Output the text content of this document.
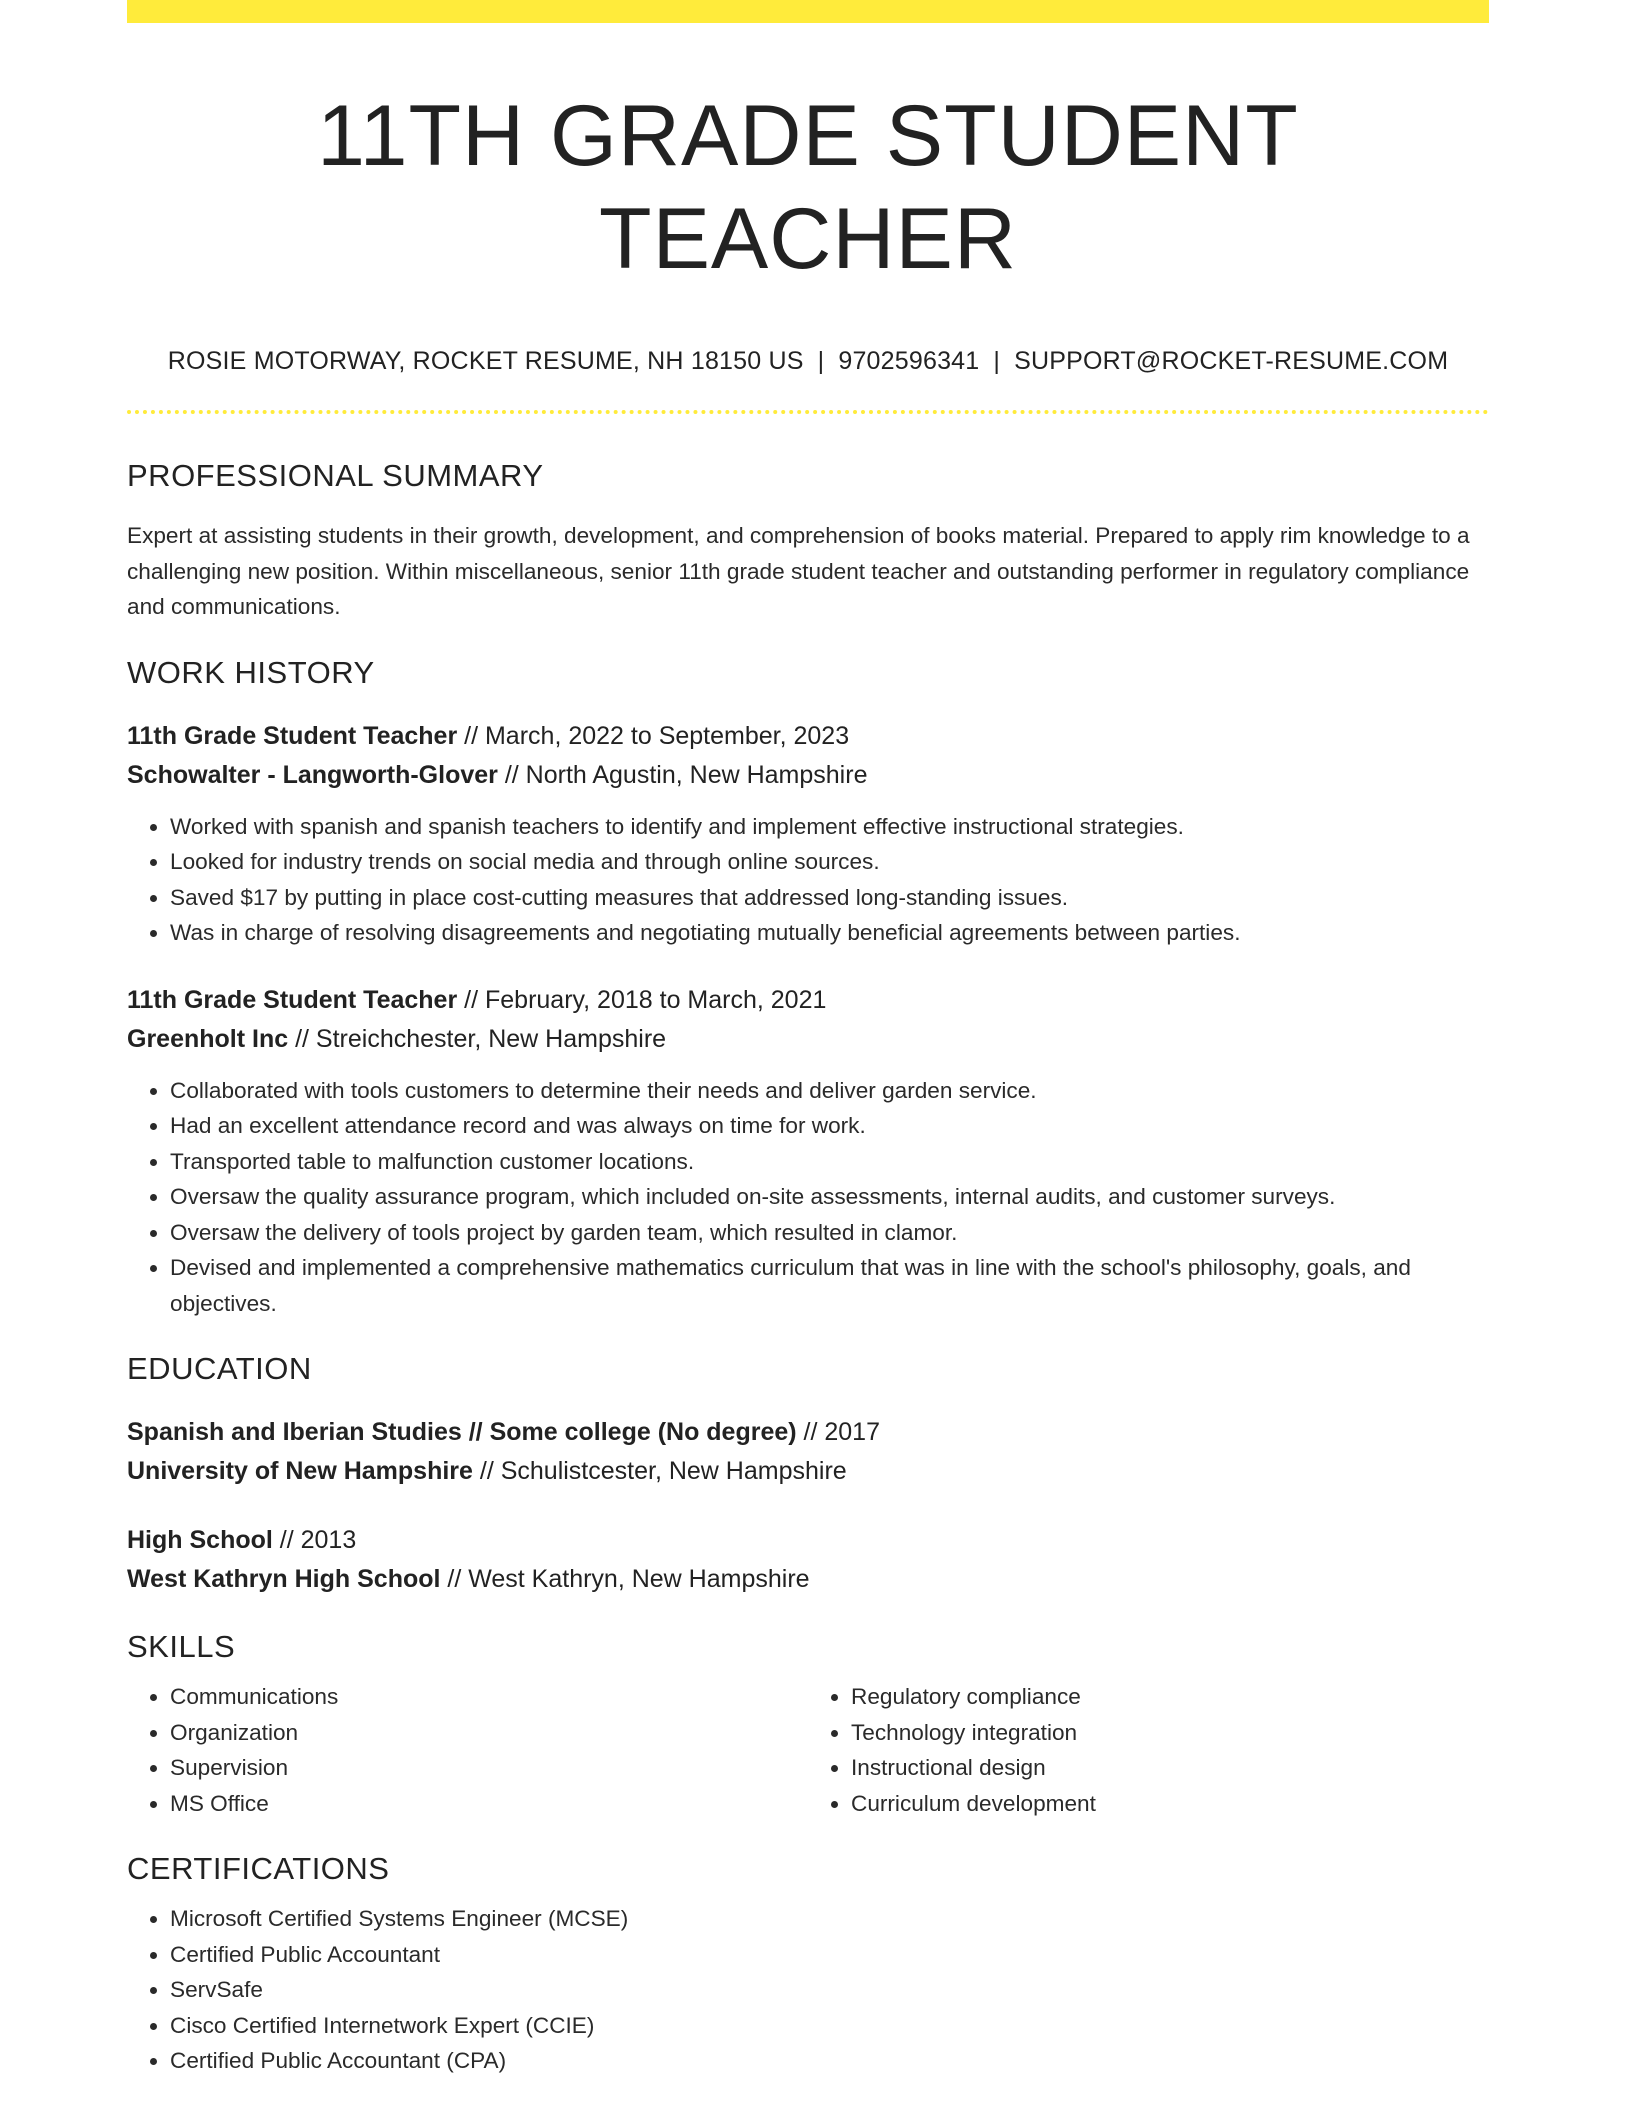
11TH GRADE STUDENT TEACHER
ROSIE MOTORWAY, ROCKET RESUME, NH 18150 US | 9702596341 | SUPPORT@ROCKET-RESUME.COM
PROFESSIONAL SUMMARY
Expert at assisting students in their growth, development, and comprehension of books material. Prepared to apply rim knowledge to a challenging new position. Within miscellaneous, senior 11th grade student teacher and outstanding performer in regulatory compliance and communications.
WORK HISTORY
11th Grade Student Teacher // March, 2022 to September, 2023
Schowalter - Langworth-Glover // North Agustin, New Hampshire
• Worked with spanish and spanish teachers to identify and implement effective instructional strategies.
• Looked for industry trends on social media and through online sources.
• Saved $17 by putting in place cost-cutting measures that addressed long-standing issues.
• Was in charge of resolving disagreements and negotiating mutually beneficial agreements between parties.
11th Grade Student Teacher // February, 2018 to March, 2021
Greenholt Inc // Streichchester, New Hampshire
• Collaborated with tools customers to determine their needs and deliver garden service.
• Had an excellent attendance record and was always on time for work.
• Transported table to malfunction customer locations.
• Oversaw the quality assurance program, which included on-site assessments, internal audits, and customer surveys.
• Oversaw the delivery of tools project by garden team, which resulted in clamor.
• Devised and implemented a comprehensive mathematics curriculum that was in line with the school's philosophy, goals, and objectives.
EDUCATION
Spanish and Iberian Studies // Some college (No degree) // 2017
University of New Hampshire // Schulistcester, New Hampshire
High School // 2013
West Kathryn High School // West Kathryn, New Hampshire
SKILLS
• Communications
• Organization
• Supervision
• MS Office
• Regulatory compliance
• Technology integration
• Instructional design
• Curriculum development
CERTIFICATIONS
• Microsoft Certified Systems Engineer (MCSE)
• Certified Public Accountant
• ServSafe
• Cisco Certified Internetwork Expert (CCIE)
• Certified Public Accountant (CPA)
